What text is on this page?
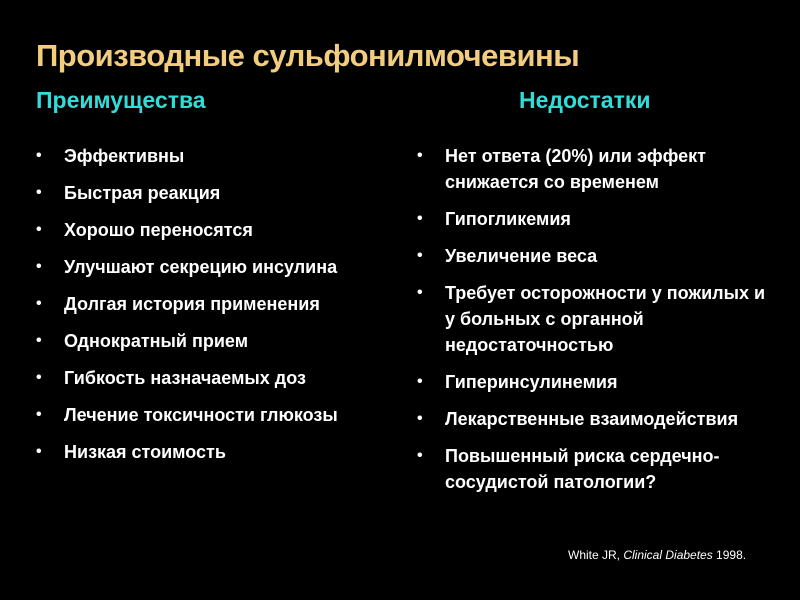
Производные сульфонилмочевины
Преимущества	Недостатки
•	Эффективны
•	Быстрая реакция
•	Хорошо переносятся
•	Улучшают секрецию инсулина
•	Долгая история применения
•	Однократный прием
•	Гибкость назначаемых доз
•	Лечение токсичности глюкозы
•	Низкая стоимость
•	Нет ответа (20%) или эффект снижается со временем
•	Гипогликемия
•	Увеличение веса
•	Требует осторожности у пожилых и у больных с органной недостаточностью
•	Гиперинсулинемия
•	Лекарственные взаимодействия
•	Повышенный риска сердечно-сосудистой патологии?
White JR, Clinical Diabetes 1998.
